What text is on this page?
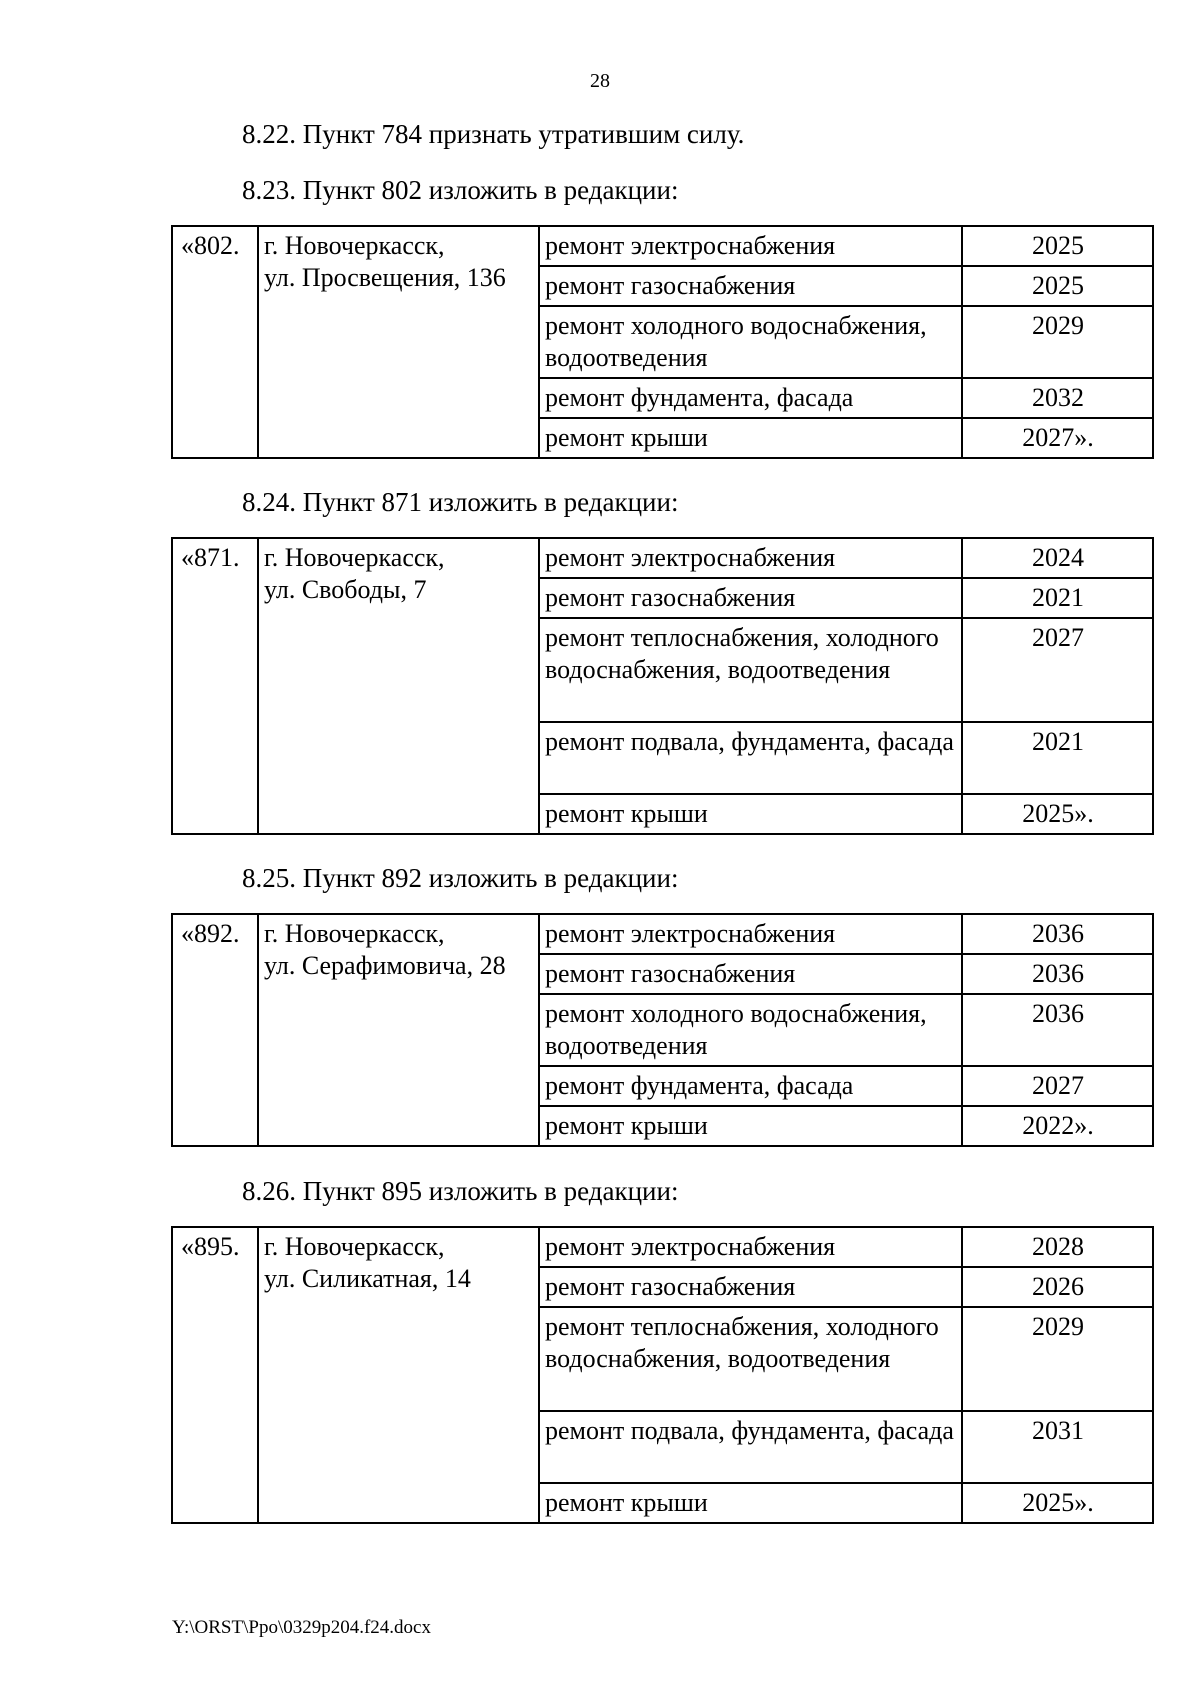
28
8.22. Пункт 784 признать утратившим силу.
8.23. Пункт 802 изложить в редакции:
«802.	г. Новочеркасск,
ул. Просвещения, 136	ремонт электроснабжения	2025
		ремонт газоснабжения	2025
		ремонт холодного водоснабжения, водоотведения	2029
		ремонт фундамента, фасада	2032
		ремонт крыши	2027».
8.24. Пункт 871 изложить в редакции:
«871.	г. Новочеркасск,
ул. Свободы, 7	ремонт электроснабжения	2024
		ремонт газоснабжения	2021
		ремонт теплоснабжения, холодного водоснабжения, водоотведения	2027
		ремонт подвала, фундамента, фасада	2021
		ремонт крыши	2025».
8.25. Пункт 892 изложить в редакции:
«892.	г. Новочеркасск,
ул. Серафимовича, 28	ремонт электроснабжения	2036
		ремонт газоснабжения	2036
		ремонт холодного водоснабжения, водоотведения	2036
		ремонт фундамента, фасада	2027
		ремонт крыши	2022».
8.26. Пункт 895 изложить в редакции:
«895.	г. Новочеркасск,
ул. Силикатная, 14	ремонт электроснабжения	2028
		ремонт газоснабжения	2026
		ремонт теплоснабжения, холодного водоснабжения, водоотведения	2029
		ремонт подвала, фундамента, фасада	2031
		ремонт крыши	2025».
Y:\ORST\Ppo\0329p204.f24.docx
